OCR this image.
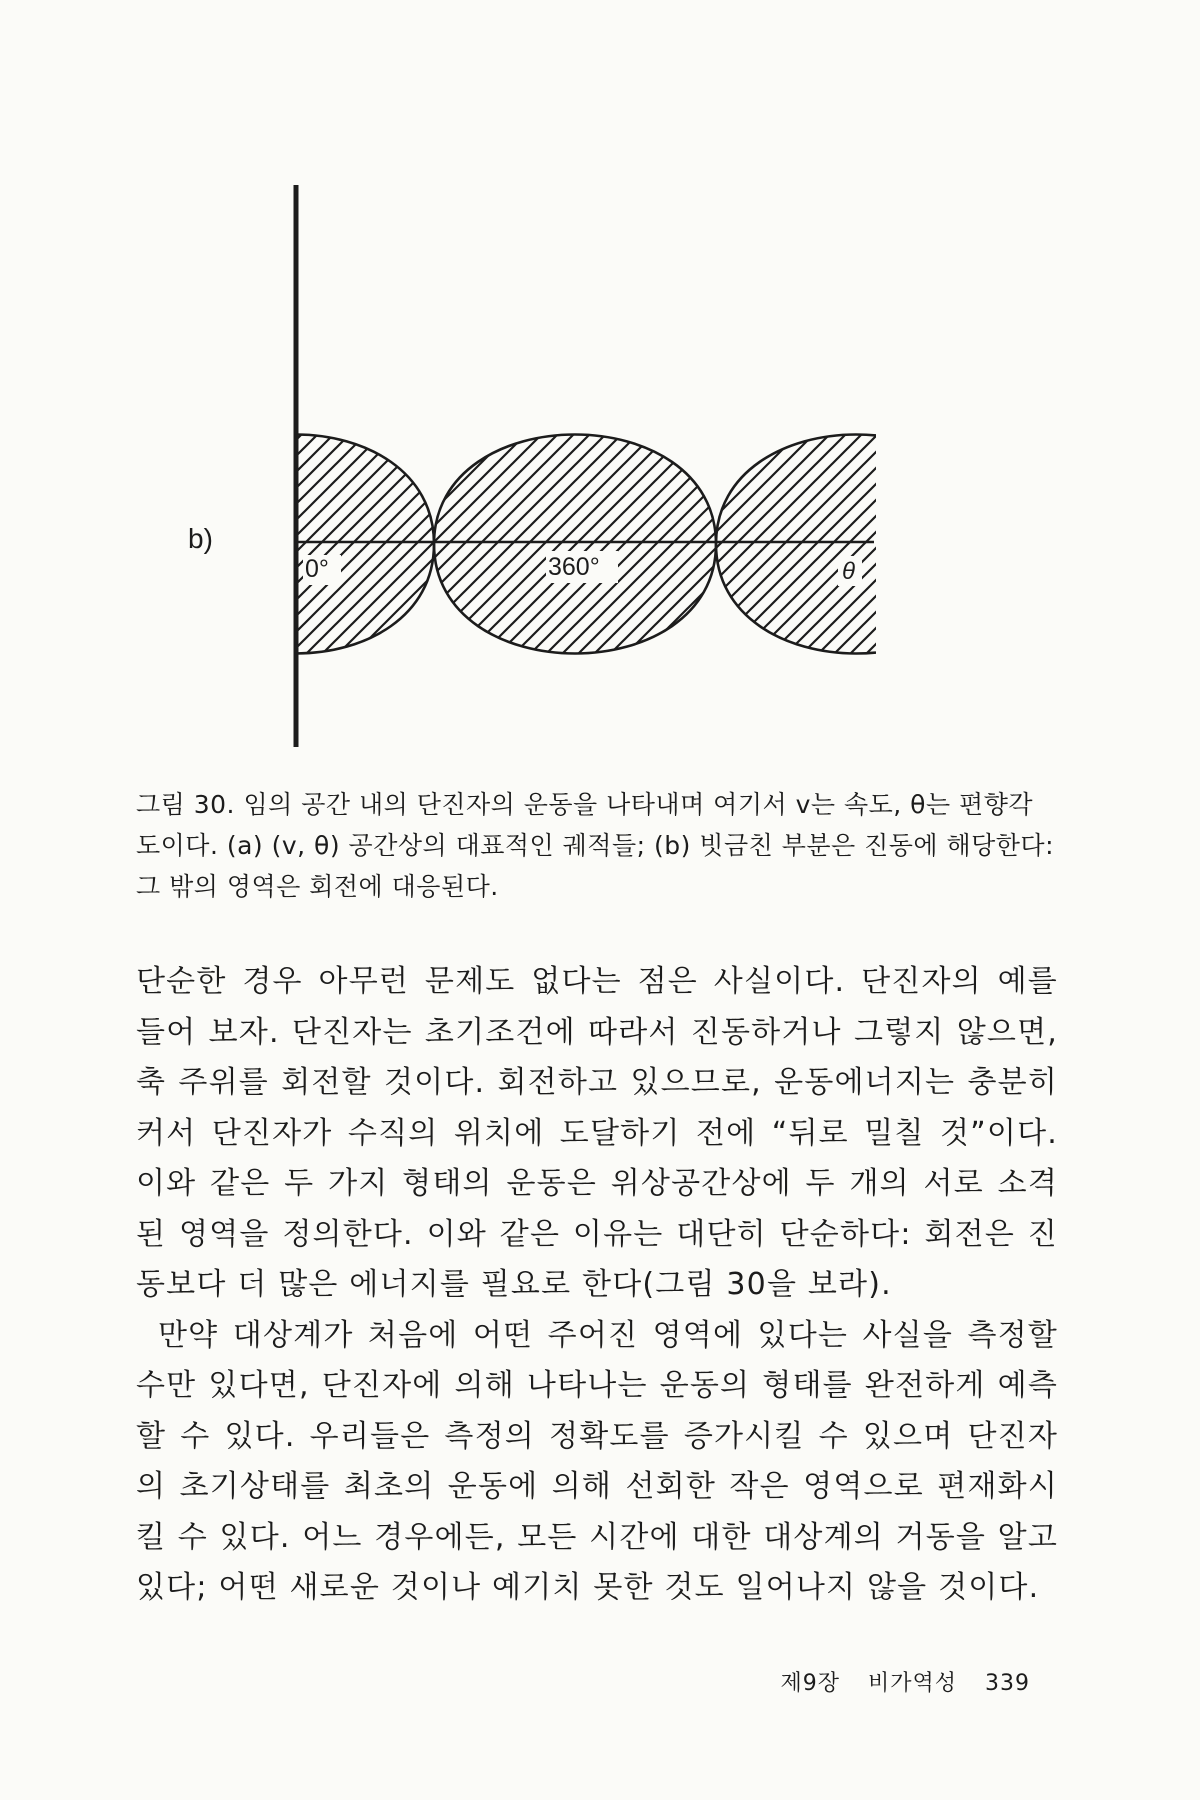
b)
0°	360°	θ
그림 30. 임의 공간 내의 단진자의 운동을 나타내며 여기서 v는 속도, θ는 편향각도이다. (a) (v, θ) 공간상의 대표적인 궤적들; (b) 빗금친 부분은 진동에 해당한다: 그 밖의 영역은 회전에 대응된다.

단순한 경우 아무런 문제도 없다는 점은 사실이다. 단진자의 예를 들어 보자. 단진자는 초기조건에 따라서 진동하거나 그렇지 않으면, 축 주위를 회전할 것이다. 회전하고 있으므로, 운동에너지는 충분히 커서 단진자가 수직의 위치에 도달하기 전에 “뒤로 밀칠 것”이다. 이와 같은 두 가지 형태의 운동은 위상공간상에 두 개의 서로 소격된 영역을 정의한다. 이와 같은 이유는 대단히 단순하다: 회전은 진동보다 더 많은 에너지를 필요로 한다(그림 30을 보라).

만약 대상계가 처음에 어떤 주어진 영역에 있다는 사실을 측정할 수만 있다면, 단진자에 의해 나타나는 운동의 형태를 완전하게 예측할 수 있다. 우리들은 측정의 정확도를 증가시킬 수 있으며 단진자의 초기상태를 최초의 운동에 의해 선회한 작은 영역으로 편재화시킬 수 있다. 어느 경우에든, 모든 시간에 대한 대상계의 거동을 알고 있다; 어떤 새로운 것이나 예기치 못한 것도 일어나지 않을 것이다.

제9장 비가역성 339
